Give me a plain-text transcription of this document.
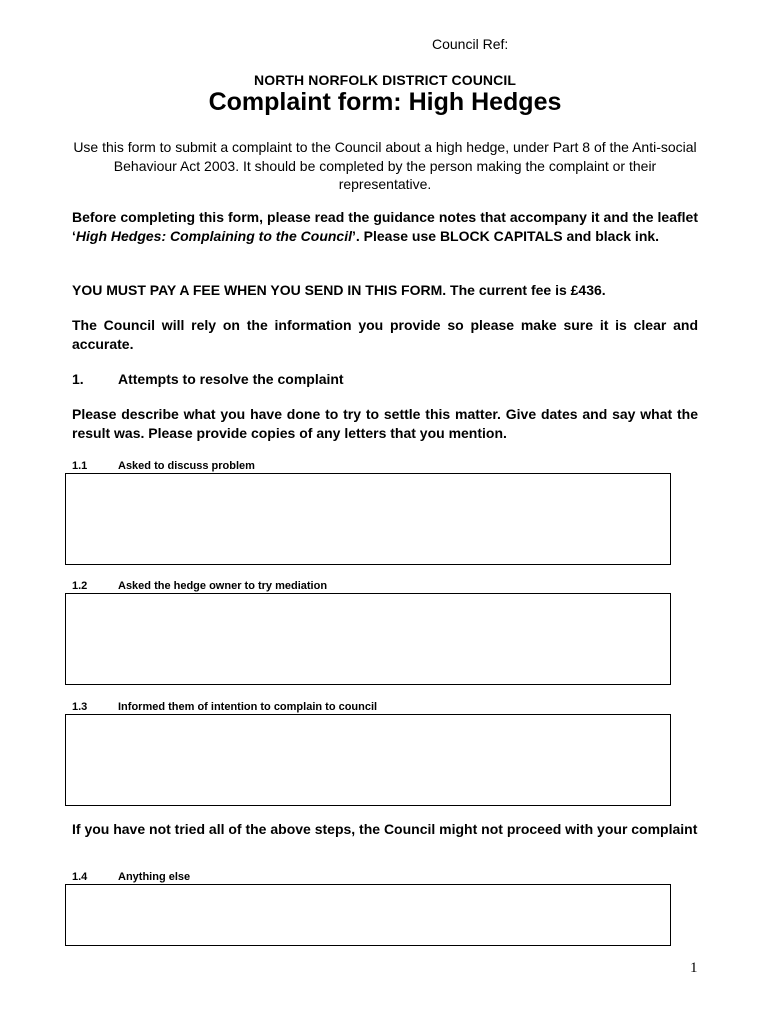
Council Ref:
NORTH NORFOLK DISTRICT COUNCIL
Complaint form: High Hedges
Use this form to submit a complaint to the Council about a high hedge, under Part 8 of the Anti-social Behaviour Act 2003. It should be completed by the person making the complaint or their representative.
Before completing this form, please read the guidance notes that accompany it and the leaflet ‘High Hedges: Complaining to the Council’. Please use BLOCK CAPITALS and black ink.
YOU MUST PAY A FEE WHEN YOU SEND IN THIS FORM. The current fee is £436.
The Council will rely on the information you provide so please make sure it is clear and accurate.
1. Attempts to resolve the complaint
Please describe what you have done to try to settle this matter. Give dates and say what the result was. Please provide copies of any letters that you mention.
1.1	Asked to discuss problem
1.2	Asked the hedge owner to try mediation
1.3	Informed them of intention to complain to council
If you have not tried all of the above steps, the Council might not proceed with your complaint
1.4	Anything else
1
